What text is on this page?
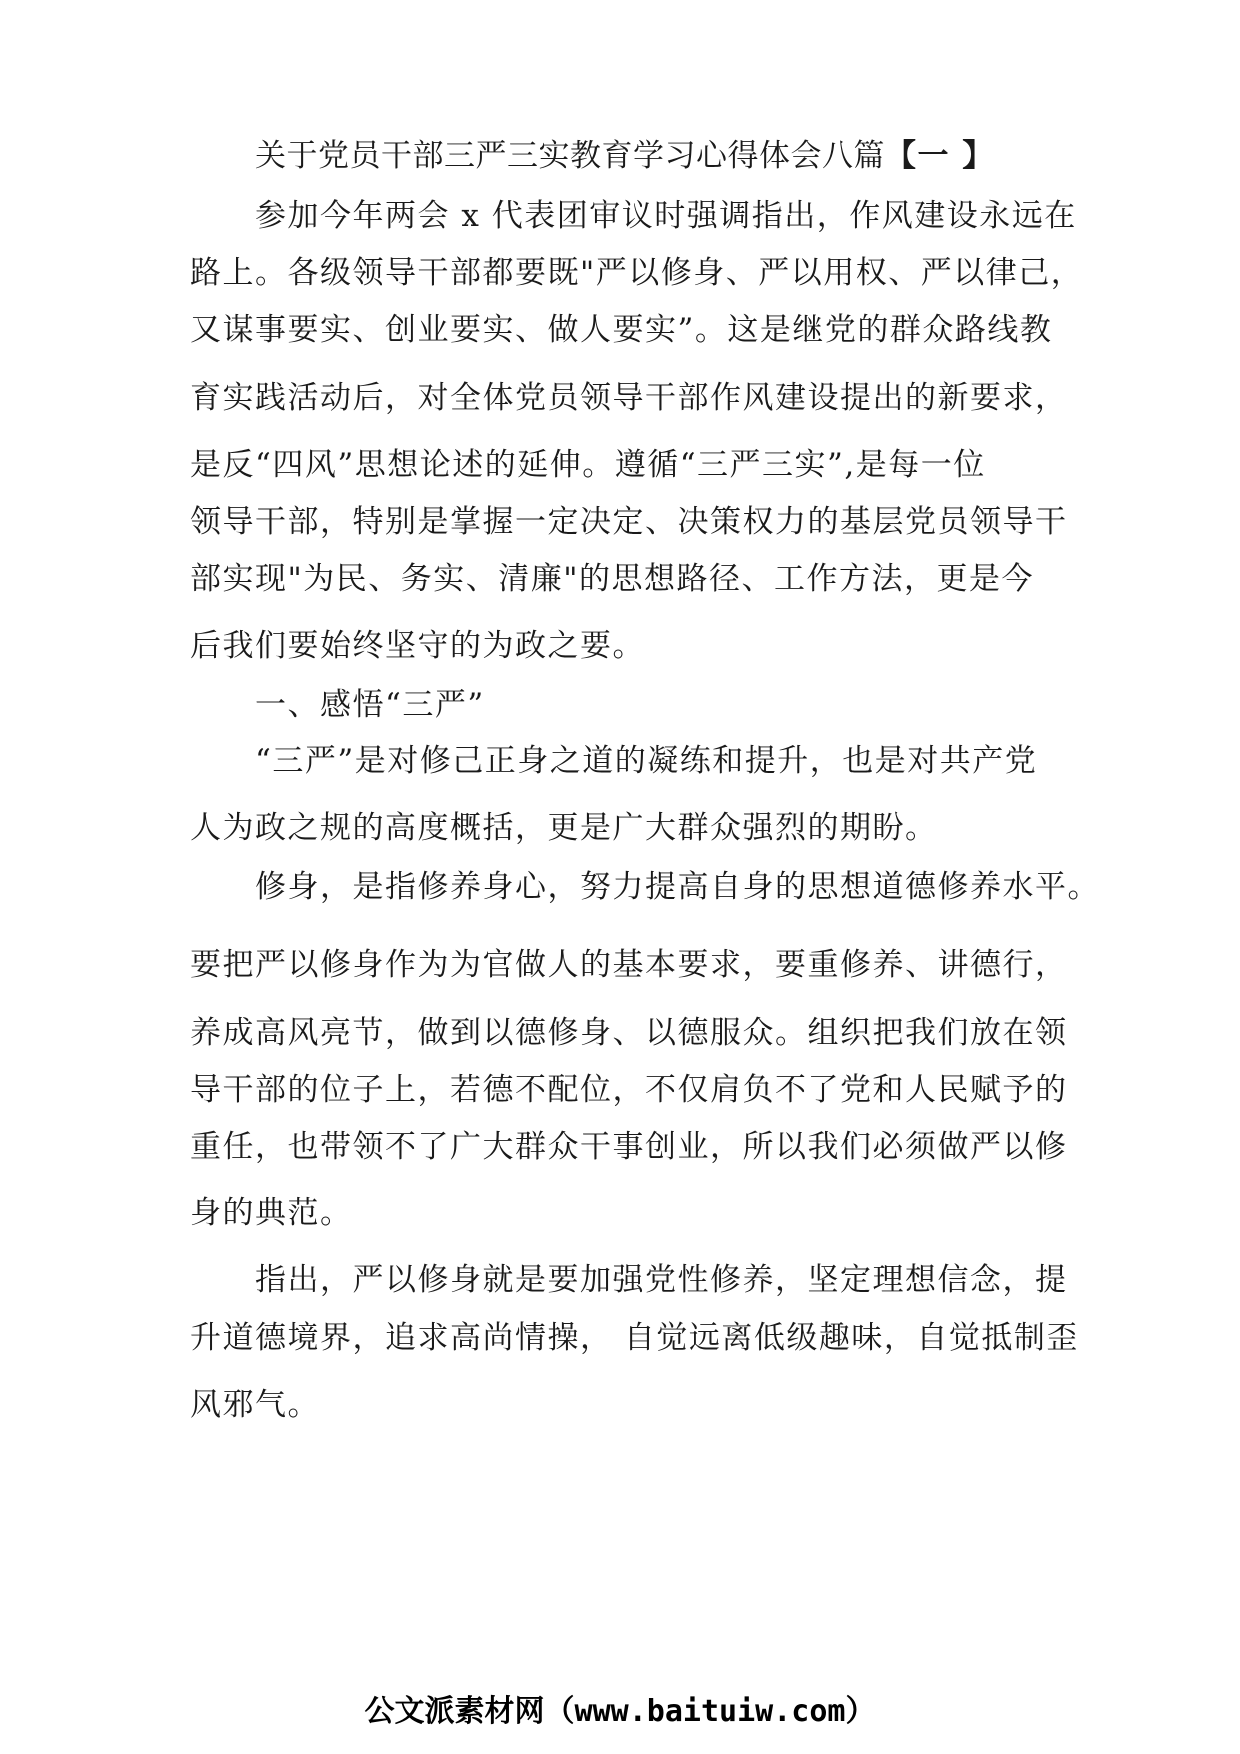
关于党员干部三严三实教育学习心得体会八篇【一 】
参加今年两会 x 代表团审议时强调指出，作风建设永远在
路上。各级领导干部都要既"严以修身、严以用权、严以律己，
又谋事要实、创业要实、做人要实”。这是继党的群众路线教
育实践活动后，对全体党员领导干部作风建设提出的新要求，
是反“四风”思想论述的延伸。遵循“三严三实”,是每一位
领导干部，特别是掌握一定决定、决策权力的基层党员领导干
部实现"为民、务实、清廉"的思想路径、工作方法，更是今
后我们要始终坚守的为政之要。
一、感悟“三严”
“三严”是对修己正身之道的凝练和提升，也是对共产党
人为政之规的高度概括，更是广大群众强烈的期盼。
修身，是指修养身心，努力提高自身的思想道德修养水平。
要把严以修身作为为官做人的基本要求，要重修养、讲德行，
养成高风亮节，做到以德修身、以德服众。组织把我们放在领
导干部的位子上，若德不配位，不仅肩负不了党和人民赋予的
重任，也带领不了广大群众干事创业，所以我们必须做严以修
身的典范。
指出，严以修身就是要加强党性修养，坚定理想信念，提
升道德境界，追求高尚情操， 自觉远离低级趣味，自觉抵制歪
风邪气。
公文派素材网（www.baituiw.com）
